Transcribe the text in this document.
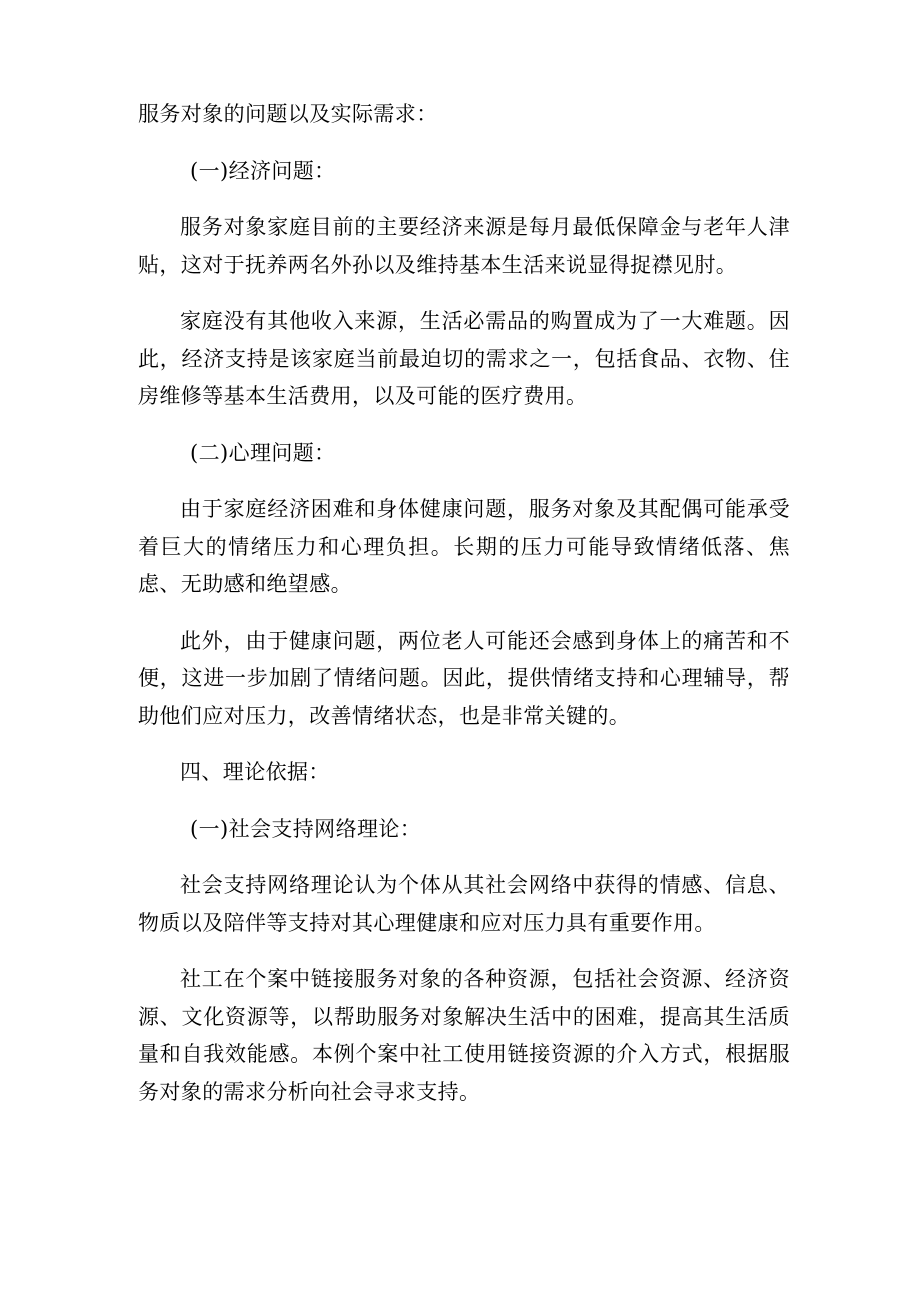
服务对象的问题以及实际需求：

(一)经济问题：

服务对象家庭目前的主要经济来源是每月最低保障金与老年人津贴，这对于抚养两名外孙以及维持基本生活来说显得捉襟见肘。

家庭没有其他收入来源，生活必需品的购置成为了一大难题。因此，经济支持是该家庭当前最迫切的需求之一，包括食品、衣物、住房维修等基本生活费用，以及可能的医疗费用。

(二)心理问题：

由于家庭经济困难和身体健康问题，服务对象及其配偶可能承受着巨大的情绪压力和心理负担。长期的压力可能导致情绪低落、焦虑、无助感和绝望感。

此外，由于健康问题，两位老人可能还会感到身体上的痛苦和不便，这进一步加剧了情绪问题。因此，提供情绪支持和心理辅导，帮助他们应对压力，改善情绪状态，也是非常关键的。

四、理论依据：

(一)社会支持网络理论：

社会支持网络理论认为个体从其社会网络中获得的情感、信息、物质以及陪伴等支持对其心理健康和应对压力具有重要作用。

社工在个案中链接服务对象的各种资源，包括社会资源、经济资源、文化资源等，以帮助服务对象解决生活中的困难，提高其生活质量和自我效能感。本例个案中社工使用链接资源的介入方式，根据服务对象的需求分析向社会寻求支持。
